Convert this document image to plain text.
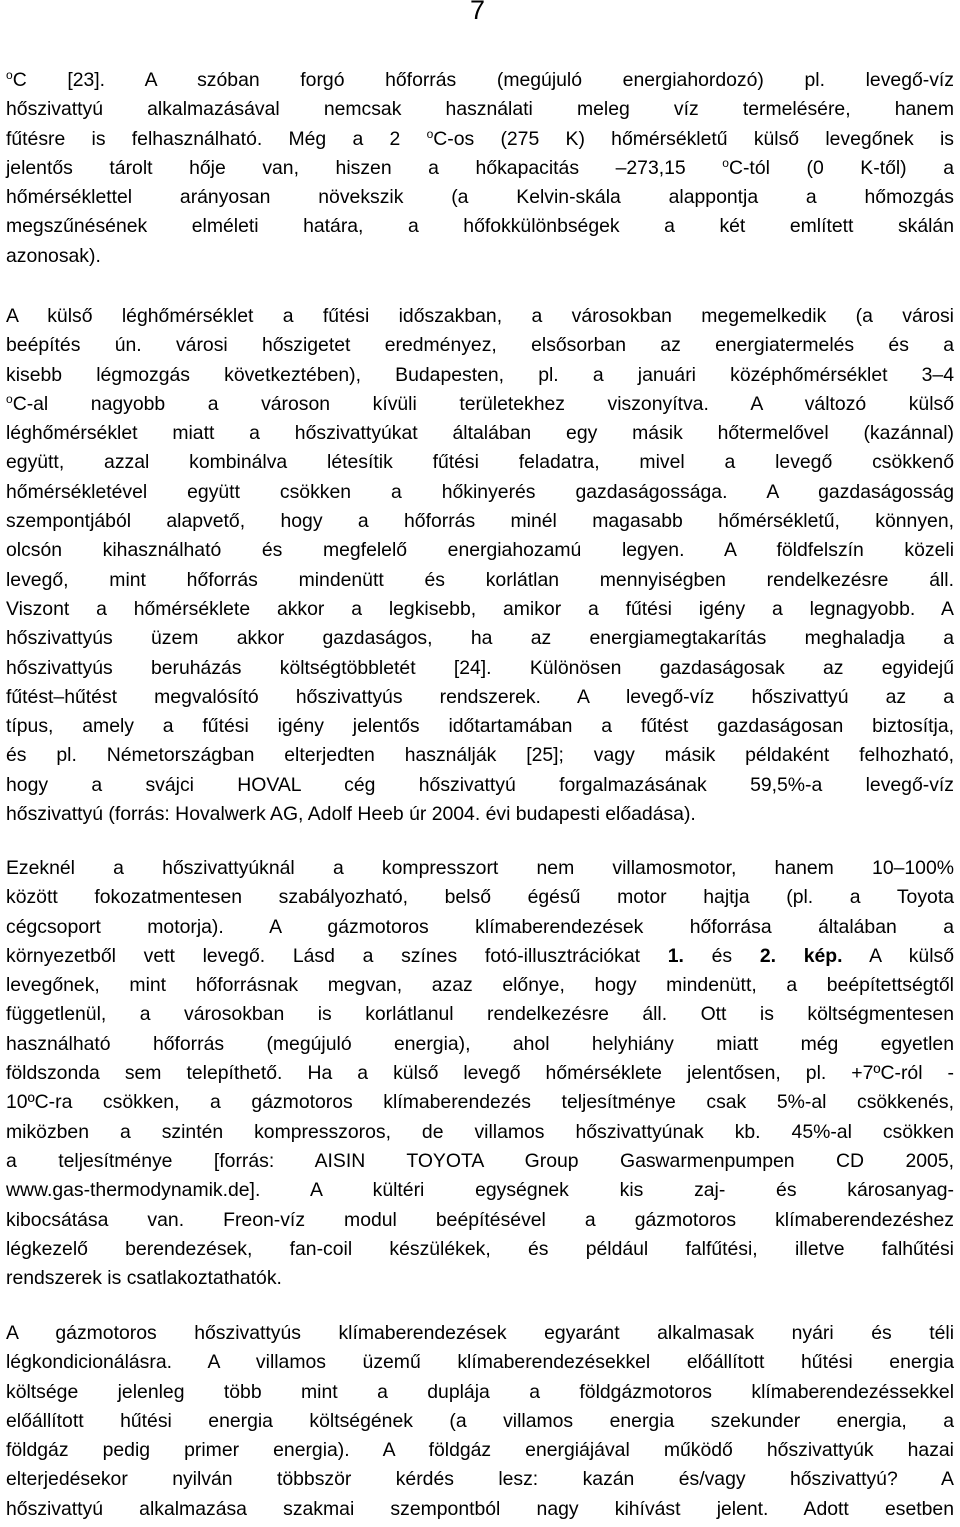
7
$^o$C [23]. A szóban forgó hőforrás (megújuló energiahordozó) pl. levegő-víz
hőszivattyú alkalmazásával nemcsak használati meleg víz termelésére, hanem
fűtésre is felhasználható. Még a 2 $^o$C-os (275 K) hőmérsékletű külső levegőnek is
jelentős tárolt hője van, hiszen a hőkapacitás –273,15 $^o$C-tól (0 K-től) a
hőmérséklettel arányosan növekszik (a Kelvin-skála alappontja a hőmozgás
megszűnésének elméleti határa, a hőfokkülönbségek a két említett skálán
azonosak).
A külső léghőmérséklet a fűtési időszakban, a városokban megemelkedik (a városi
beépítés ún. városi hőszigetet eredményez, elsősorban az energiatermelés és a
kisebb légmozgás következtében), Budapesten, pl. a januári középhőmérséklet 3–4
$^o$C-al nagyobb a városon kívüli területekhez viszonyítva. A változó külső
léghőmérséklet miatt a hőszivattyúkat általában egy másik hőtermelővel (kazánnal)
együtt, azzal kombinálva létesítik fűtési feladatra, mivel a levegő csökkenő
hőmérsékletével együtt csökken a hőkinyerés gazdaságossága. A gazdaságosság
szempontjából alapvető, hogy a hőforrás minél magasabb hőmérsékletű, könnyen,
olcsón kihasználható és megfelelő energiahozamú legyen. A földfelszín közeli
levegő, mint hőforrás mindenütt és korlátlan mennyiségben rendelkezésre áll.
Viszont a hőmérséklete akkor a legkisebb, amikor a fűtési igény a legnagyobb. A
hőszivattyús üzem akkor gazdaságos, ha az energiamegtakarítás meghaladja a
hőszivattyús beruházás költségtöbbletét [24]. Különösen gazdaságosak az egyidejű
fűtést–hűtést megvalósító hőszivattyús rendszerek. A levegő-víz hőszivattyú az a
típus, amely a fűtési igény jelentős időtartamában a fűtést gazdaságosan biztosítja,
és pl. Németországban elterjedten használják [25]; vagy másik példaként felhozható,
hogy a svájci HOVAL cég hőszivattyú forgalmazásának 59,5%-a levegő-víz
hőszivattyú (forrás: Hovalwerk AG, Adolf Heeb úr 2004. évi budapesti előadása).
Ezeknél a hőszivattyúknál a kompresszort nem villamosmotor, hanem 10–100%
között fokozatmentesen szabályozható, belső égésű motor hajtja (pl. a Toyota
cégcsoport motorja). A gázmotoros klímaberendezések hőforrása általában a
környezetből vett levegő. Lásd a színes fotó-illusztrációkat 1. és 2. kép. A külső
levegőnek, mint hőforrásnak megvan, azaz előnye, hogy mindenütt, a beépítettségtől
függetlenül, a városokban is korlátlanul rendelkezésre áll. Ott is költségmentesen
használható hőforrás (megújuló energia), ahol helyhiány miatt még egyetlen
földszonda sem telepíthető. Ha a külső levegő hőmérséklete jelentősen, pl. +7ºC-ról -
10ºC-ra csökken, a gázmotoros klímaberendezés teljesítménye csak 5%-al csökkenés,
miközben a szintén kompresszoros, de villamos hőszivattyúnak kb. 45%-al csökken
a teljesítménye [forrás: AISIN TOYOTA Group Gaswarmenpumpen CD 2005,
www.gas-thermodynamik.de]. A kültéri egységnek kis zaj- és károsanyag-
kibocsátása van. Freon-víz modul beépítésével a gázmotoros klímaberendezéshez
légkezelő berendezések, fan-coil készülékek, és például falfűtési, illetve falhűtési
rendszerek is csatlakoztathatók.
A gázmotoros hőszivattyús klímaberendezések egyaránt alkalmasak nyári és téli
légkondicionálásra. A villamos üzemű klímaberendezésekkel előállított hűtési energia
költsége jelenleg több mint a duplája a földgázmotoros klímaberendezéssekkel
előállított hűtési energia költségének (a villamos energia szekunder energia, a
földgáz pedig primer energia). A földgáz energiájával működő hőszivattyúk hazai
elterjedésekor nyilván többször kérdés lesz: kazán és/vagy hőszivattyú? A
hőszivattyú alkalmazása szakmai szempontból nagy kihívást jelent. Adott esetben
